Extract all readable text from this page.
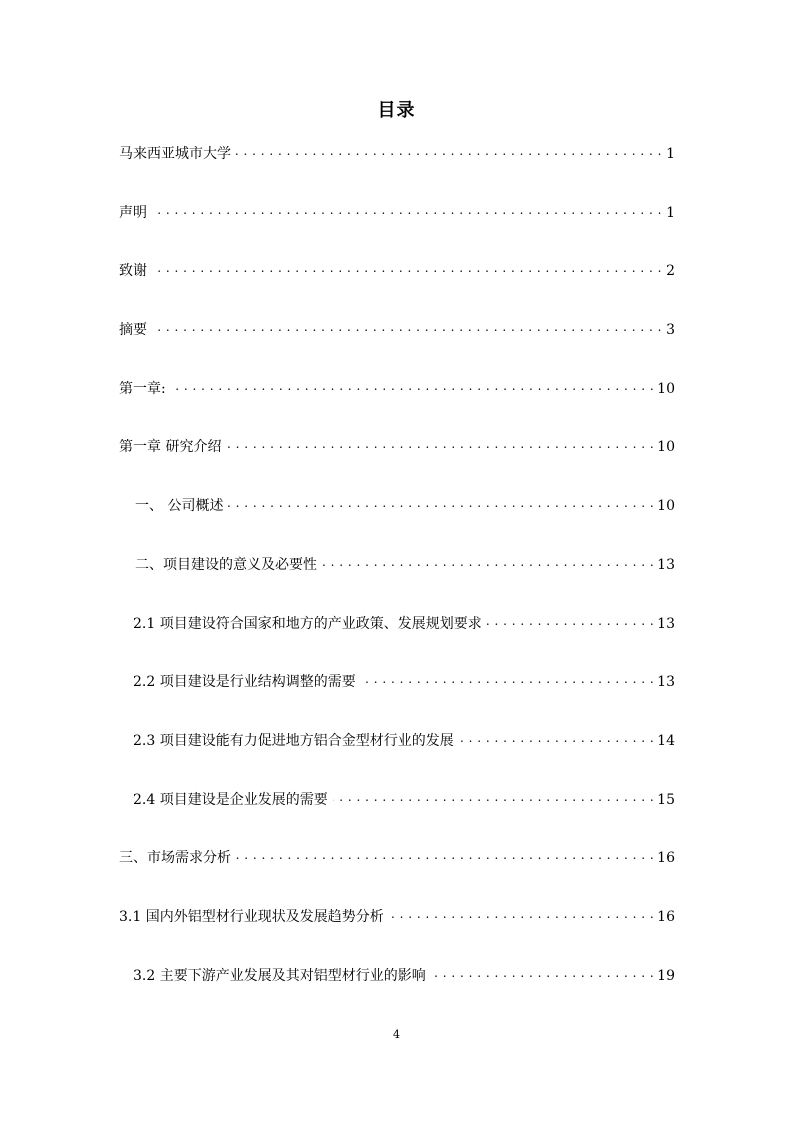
目录
马来西亚城市大学 . . .	1
声明 . . .	1
致谢 . . .	2
摘要 . . .	3
第一章: . . .	10
第一章 研究介绍 . . .	10
一、 公司概述 . . .	10
二、项目建设的意义及必要性 . . .	13
2.1 项目建设符合国家和地方的产业政策、发展规划要求 . . .	13
2.2 项目建设是行业结构调整的需要 . . .	13
2.3 项目建设能有力促进地方铝合金型材行业的发展 . . .	14
2.4 项目建设是企业发展的需要 . . .	15
三、市场需求分析 . . .	16
3.1 国内外铝型材行业现状及发展趋势分析 . . .	16
3.2 主要下游产业发展及其对铝型材行业的影响 . . .	19
4
